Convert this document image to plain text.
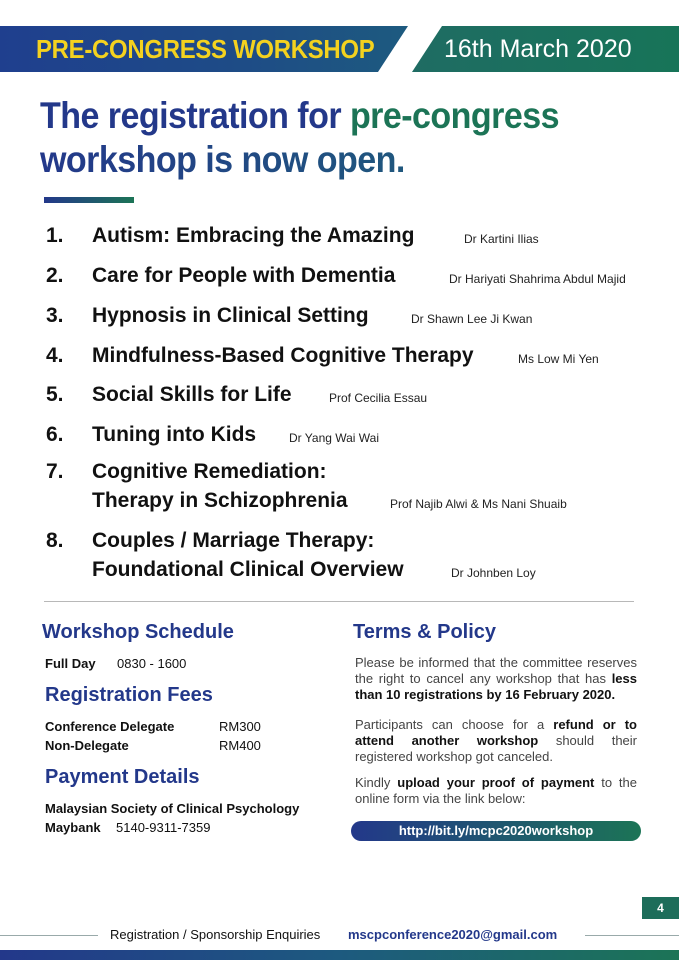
PRE-CONGRESS WORKSHOP	16th March 2020
The registration for pre-congress
workshop is now open.
1. Autism: Embracing the Amazing	Dr Kartini Ilias
2. Care for People with Dementia	Dr Hariyati Shahrima Abdul Majid
3. Hypnosis in Clinical Setting	Dr Shawn Lee Ji Kwan
4. Mindfulness-Based Cognitive Therapy	Ms Low Mi Yen
5. Social Skills for Life	Prof Cecilia Essau
6. Tuning into Kids	Dr Yang Wai Wai
7. Cognitive Remediation:
Therapy in Schizophrenia	Prof Najib Alwi & Ms Nani Shuaib
8. Couples / Marriage Therapy:
Foundational Clinical Overview	Dr Johnben Loy
Workshop Schedule
Full Day 0830 - 1600
Registration Fees
Conference Delegate	RM300
Non-Delegate	RM400
Payment Details
Malaysian Society of Clinical Psychology
Maybank 5140-9311-7359
Terms & Policy
Please be informed that the committee reserves the right to cancel any workshop that has less than 10 registrations by 16 February 2020.
Participants can choose for a refund or to attend another workshop should their registered workshop got canceled.
Kindly upload your proof of payment to the online form via the link below:
http://bit.ly/mcpc2020workshop
4
Registration / Sponsorship Enquiries mscpconference2020@gmail.com
